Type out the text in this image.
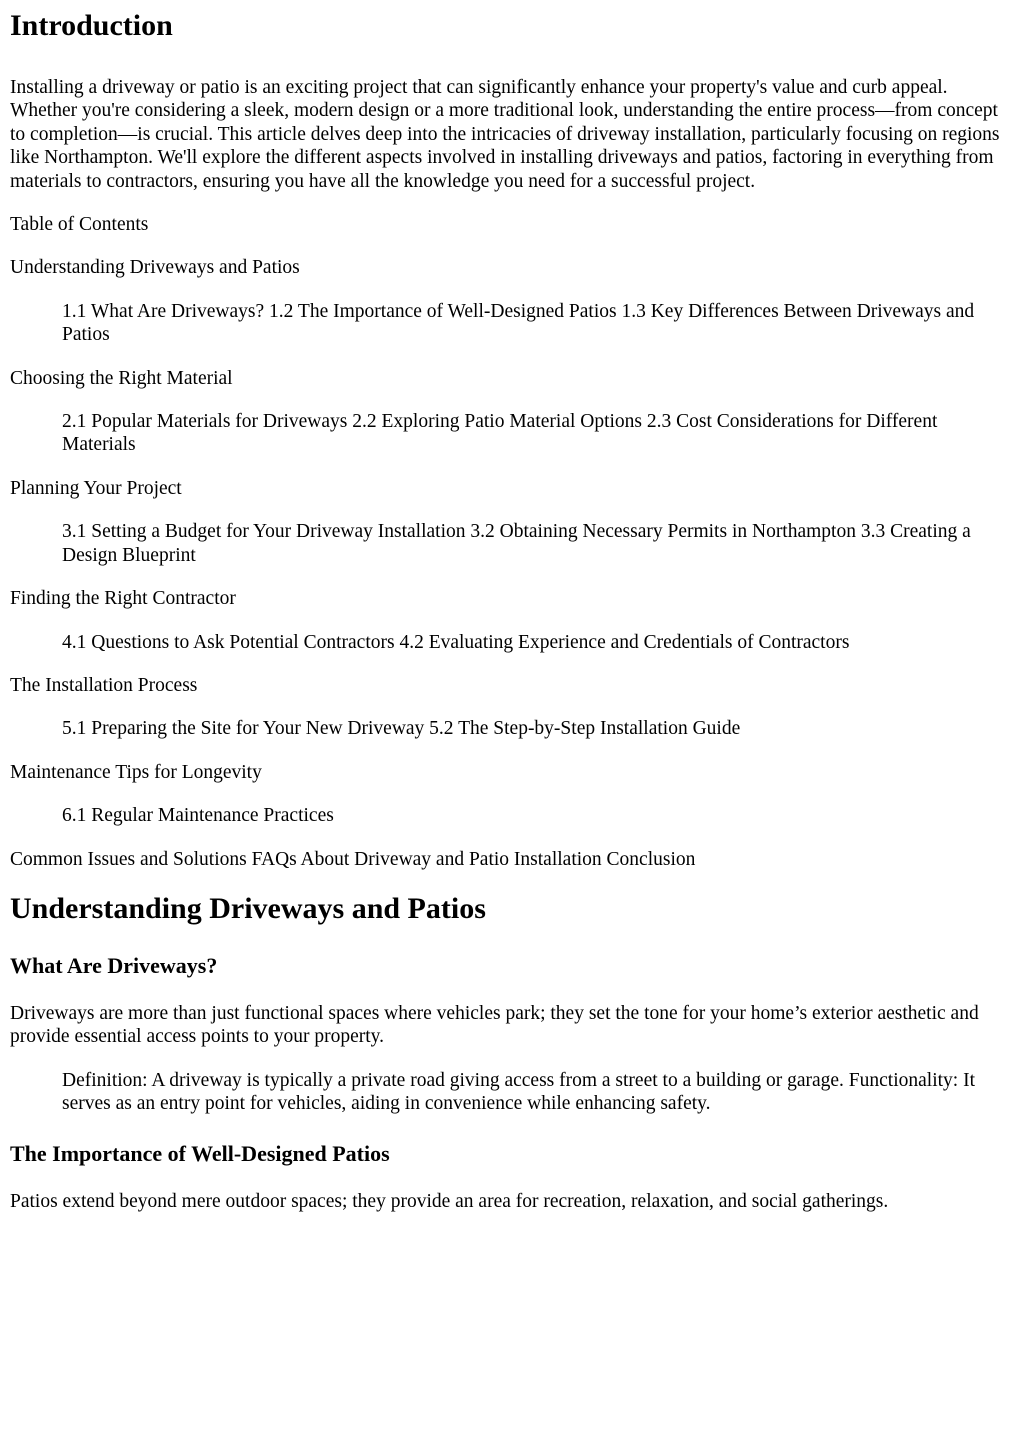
Introduction

Installing a driveway or patio is an exciting project that can significantly enhance your property's value and curb appeal. Whether you're considering a sleek, modern design or a more traditional look, understanding the entire process—from concept to completion—is crucial. This article delves deep into the intricacies of driveway installation, particularly focusing on regions like Northampton. We'll explore the different aspects involved in installing driveways and patios, factoring in everything from materials to contractors, ensuring you have all the knowledge you need for a successful project.

Table of Contents

Understanding Driveways and Patios

1.1 What Are Driveways? 1.2 The Importance of Well-Designed Patios 1.3 Key Differences Between Driveways and Patios

Choosing the Right Material

2.1 Popular Materials for Driveways 2.2 Exploring Patio Material Options 2.3 Cost Considerations for Different Materials

Planning Your Project

3.1 Setting a Budget for Your Driveway Installation 3.2 Obtaining Necessary Permits in Northampton 3.3 Creating a Design Blueprint

Finding the Right Contractor

4.1 Questions to Ask Potential Contractors 4.2 Evaluating Experience and Credentials of Contractors

The Installation Process

5.1 Preparing the Site for Your New Driveway 5.2 The Step-by-Step Installation Guide

Maintenance Tips for Longevity

6.1 Regular Maintenance Practices

Common Issues and Solutions FAQs About Driveway and Patio Installation Conclusion

Understanding Driveways and Patios
What Are Driveways?

Driveways are more than just functional spaces where vehicles park; they set the tone for your home’s exterior aesthetic and provide essential access points to your property.

Definition: A driveway is typically a private road giving access from a street to a building or garage. Functionality: It serves as an entry point for vehicles, aiding in convenience while enhancing safety.

The Importance of Well-Designed Patios

Patios extend beyond mere outdoor spaces; they provide an area for recreation, relaxation, and social gatherings.
